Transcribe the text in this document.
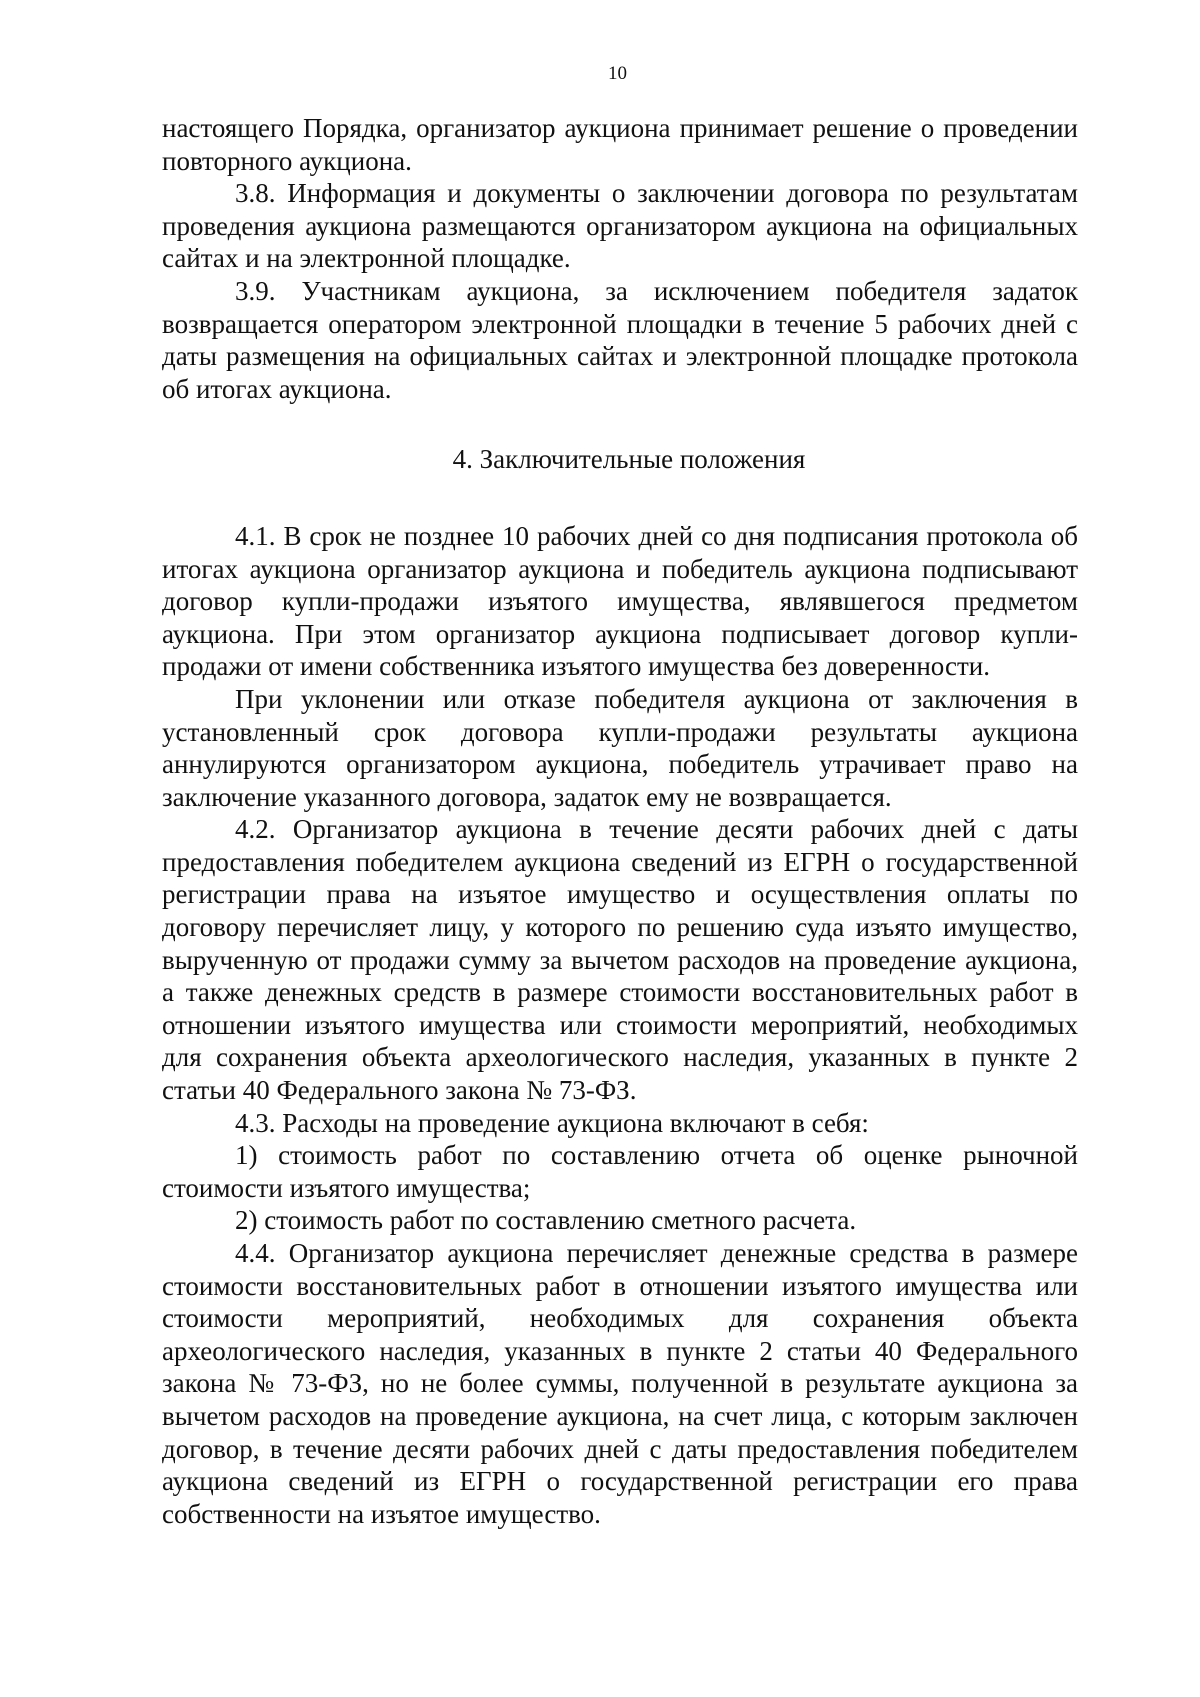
10

настоящего Порядка, организатор аукциона принимает решение о проведении повторного аукциона.

3.8. Информация и документы о заключении договора по результатам проведения аукциона размещаются организатором аукциона на официальных сайтах и на электронной площадке.

3.9. Участникам аукциона, за исключением победителя задаток возвращается оператором электронной площадки в течение 5 рабочих дней с даты размещения на официальных сайтах и электронной площадке протокола об итогах аукциона.

4. Заключительные положения

4.1. В срок не позднее 10 рабочих дней со дня подписания протокола об итогах аукциона организатор аукциона и победитель аукциона подписывают договор купли-продажи изъятого имущества, являвшегося предметом аукциона. При этом организатор аукциона подписывает договор купли-продажи от имени собственника изъятого имущества без доверенности.

При уклонении или отказе победителя аукциона от заключения в установленный срок договора купли-продажи результаты аукциона аннулируются организатором аукциона, победитель утрачивает право на заключение указанного договора, задаток ему не возвращается.

4.2. Организатор аукциона в течение десяти рабочих дней с даты предоставления победителем аукциона сведений из ЕГРН о государственной регистрации права на изъятое имущество и осуществления оплаты по договору перечисляет лицу, у которого по решению суда изъято имущество, вырученную от продажи сумму за вычетом расходов на проведение аукциона, а также денежных средств в размере стоимости восстановительных работ в отношении изъятого имущества или стоимости мероприятий, необходимых для сохранения объекта археологического наследия, указанных в пункте 2 статьи 40 Федерального закона № 73-ФЗ.

4.3. Расходы на проведение аукциона включают в себя:

1) стоимость работ по составлению отчета об оценке рыночной стоимости изъятого имущества;

2) стоимость работ по составлению сметного расчета.

4.4. Организатор аукциона перечисляет денежные средства в размере стоимости восстановительных работ в отношении изъятого имущества или стоимости мероприятий, необходимых для сохранения объекта археологического наследия, указанных в пункте 2 статьи 40 Федерального закона № 73-ФЗ, но не более суммы, полученной в результате аукциона за вычетом расходов на проведение аукциона, на счет лица, с которым заключен договор, в течение десяти рабочих дней с даты предоставления победителем аукциона сведений из ЕГРН о государственной регистрации его права собственности на изъятое имущество.
